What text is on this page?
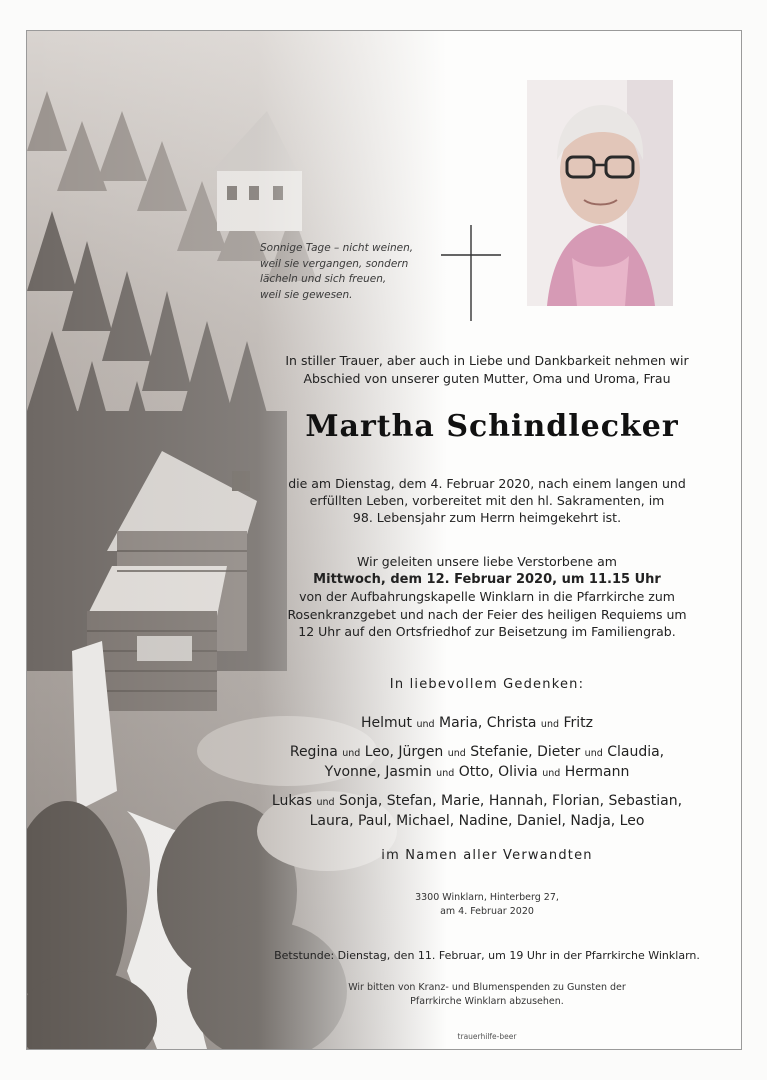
Sonnige Tage – nicht weinen,
weil sie vergangen, sondern
lächeln und sich freuen,
weil sie gewesen.
In stiller Trauer, aber auch in Liebe und Dankbarkeit nehmen wir
Abschied von unserer guten Mutter, Oma und Uroma, Frau
Martha Schindlecker
die am Dienstag, dem 4. Februar 2020, nach einem langen und
erfüllten Leben, vorbereitet mit den hl. Sakramenten, im
98. Lebensjahr zum Herrn heimgekehrt ist.
Wir geleiten unsere liebe Verstorbene am
Mittwoch, dem 12. Februar 2020, um 11.15 Uhr
von der Aufbahrungskapelle Winklarn in die Pfarrkirche zum
Rosenkranzgebet und nach der Feier des heiligen Requiems um
12 Uhr auf den Ortsfriedhof zur Beisetzung im Familiengrab.
In liebevollem Gedenken:
Helmut und Maria, Christa und Fritz
Regina und Leo, Jürgen und Stefanie, Dieter und Claudia,
Yvonne, Jasmin und Otto, Olivia und Hermann
Lukas und Sonja, Stefan, Marie, Hannah, Florian, Sebastian,
Laura, Paul, Michael, Nadine, Daniel, Nadja, Leo
im Namen aller Verwandten
3300 Winklarn, Hinterberg 27,
am 4. Februar 2020
Betstunde: Dienstag, den 11. Februar, um 19 Uhr in der Pfarrkirche Winklarn.
Wir bitten von Kranz- und Blumenspenden zu Gunsten der
Pfarrkirche Winklarn abzusehen.
trauerhilfe-beer
